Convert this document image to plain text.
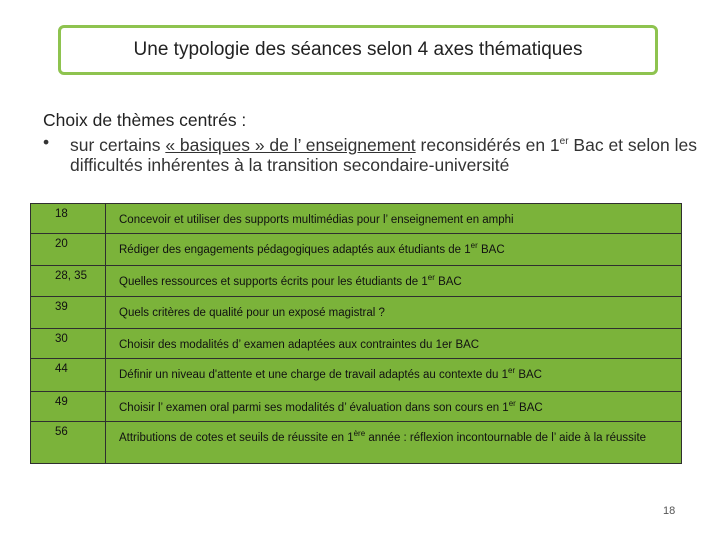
Une typologie des séances selon 4 axes thématiques
Choix de thèmes centrés :
• sur certains « basiques » de l’ enseignement reconsidérés en 1er Bac et selon les difficultés inhérentes à la transition secondaire-université
18	Concevoir et utiliser des supports multimédias pour l’ enseignement en amphi
20	Rédiger des engagements pédagogiques adaptés aux étudiants de 1er BAC
28, 35	Quelles ressources et supports écrits pour les étudiants de 1er BAC
39	Quels critères de qualité pour un exposé magistral ?
30	Choisir des modalités d’ examen adaptées aux contraintes du 1er BAC
44	Définir un niveau d'attente et une charge de travail adaptés au contexte du 1er BAC
49	Choisir l’ examen oral parmi ses modalités d’ évaluation dans son cours en 1er BAC
56	Attributions de cotes et seuils de réussite en 1ère année : réflexion incontournable de l’ aide à la réussite
18
